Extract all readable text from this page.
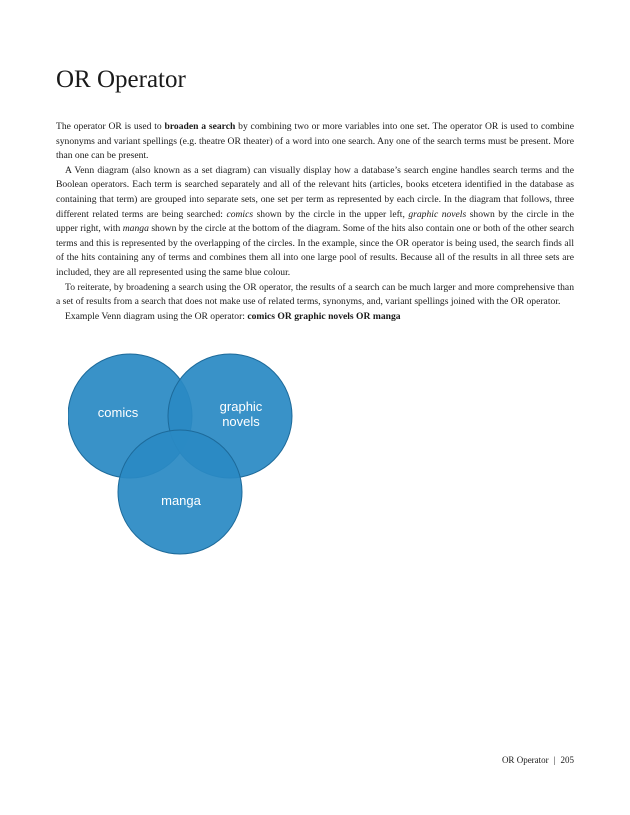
OR Operator

The operator OR is used to broaden a search by combining two or more variables into one set. The operator OR is used to combine synonyms and variant spellings (e.g. theatre OR theater) of a word into one search. Any one of the search terms must be present. More than one can be present.

A Venn diagram (also known as a set diagram) can visually display how a database’s search engine handles search terms and the Boolean operators. Each term is searched separately and all of the relevant hits (articles, books etcetera identified in the database as containing that term) are grouped into separate sets, one set per term as represented by each circle. In the diagram that follows, three different related terms are being searched: comics shown by the circle in the upper left, graphic novels shown by the circle in the upper right, with manga shown by the circle at the bottom of the diagram. Some of the hits also contain one or both of the other search terms and this is represented by the overlapping of the circles. In the example, since the OR operator is being used, the search finds all of the hits containing any of terms and combines them all into one large pool of results. Because all of the results in all three sets are included, they are all represented using the same blue colour.

To reiterate, by broadening a search using the OR operator, the results of a search can be much larger and more comprehensive than a set of results from a search that does not make use of related terms, synonyms, and, variant spellings joined with the OR operator.

Example Venn diagram using the OR operator: comics OR graphic novels OR manga

comics	graphic
novels
manga
OR Operator | 205
